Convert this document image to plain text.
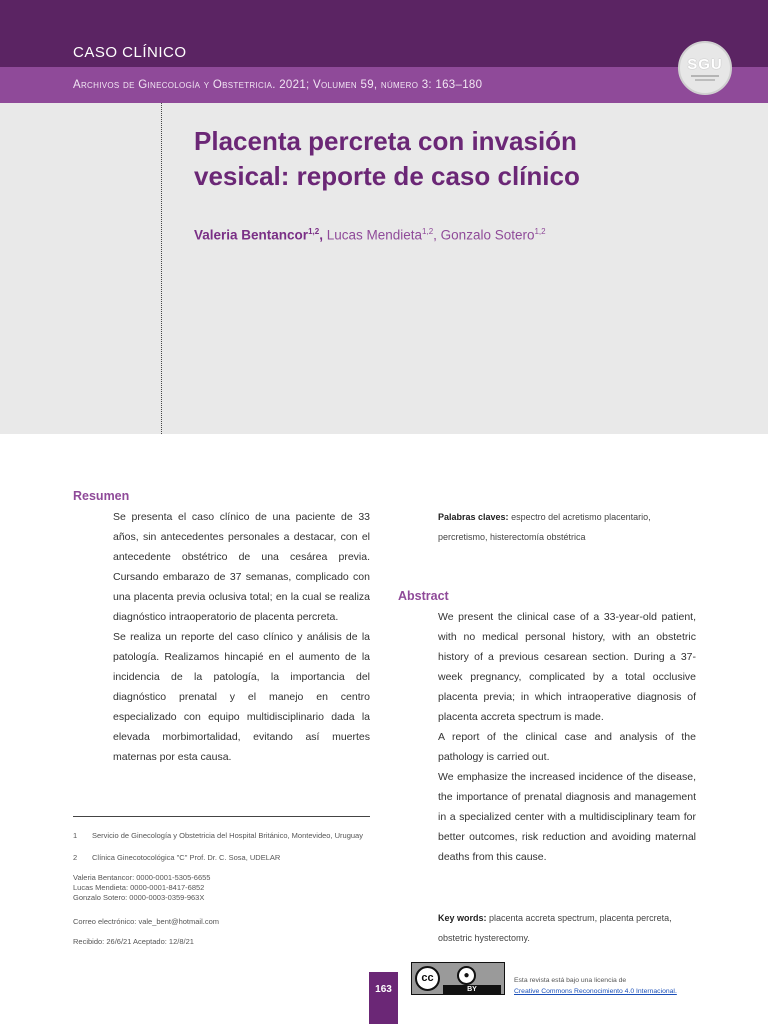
CASO CLÍNICO
Archivos de Ginecología y Obstetricia. 2021; Volumen 59, número 3: 163–180
SGU
Placenta percreta con invasión vesical: reporte de caso clínico
Valeria Bentancor$^{1,2}$, Lucas Mendieta$^{1,2}$, Gonzalo Sotero$^{1,2}$
Resumen

Se presenta el caso clínico de una paciente de 33 años, sin antecedentes personales a destacar, con el antecedente obstétrico de una cesárea previa. Cursando embarazo de 37 semanas, complicado con una placenta previa oclusiva total; en la cual se realiza diagnóstico intraoperatorio de placenta percreta.

Se realiza un reporte del caso clínico y análisis de la patología. Realizamos hincapié en el aumento de la incidencia de la patología, la importancia del diagnóstico prenatal y el manejo en centro especializado con equipo multidisciplinario dada la elevada morbimortalidad, evitando así muertes maternas por esta causa.

Palabras claves: espectro del acretismo placentario, percretismo, histerectomía obstétrica
Abstract

We present the clinical case of a 33-year-old patient, with no medical personal history, with an obstetric history of a previous cesarean section. During a 37-week pregnancy, complicated by a total occlusive placenta previa; in which intraoperative diagnosis of placenta accreta spectrum is made.

A report of the clinical case and analysis of the pathology is carried out.

We emphasize the increased incidence of the disease, the importance of prenatal diagnosis and management in a specialized center with a multidisciplinary team for better outcomes, risk reduction and avoiding maternal deaths from this cause.

Key words: placenta accreta spectrum, placenta percreta, obstetric hysterectomy.
1 Servicio de Ginecología y Obstetricia del Hospital Británico, Montevideo, Uruguay
2 Clínica Ginecotocológica "C" Prof. Dr. C. Sosa, UDELAR
Valeria Bentancor: 0000-0001-5305-6655
Lucas Mendieta: 0000-0001-8417-6852
Gonzalo Sotero: 0000-0003-0359-963X
Correo electrónico: vale_bent@hotmail.com
Recibido: 26/6/21 Aceptado: 12/8/21
163
cc	●
BY
Esta revista está bajo una licencia de
Creative Commons Reconocimiento 4.0 Internacional.
